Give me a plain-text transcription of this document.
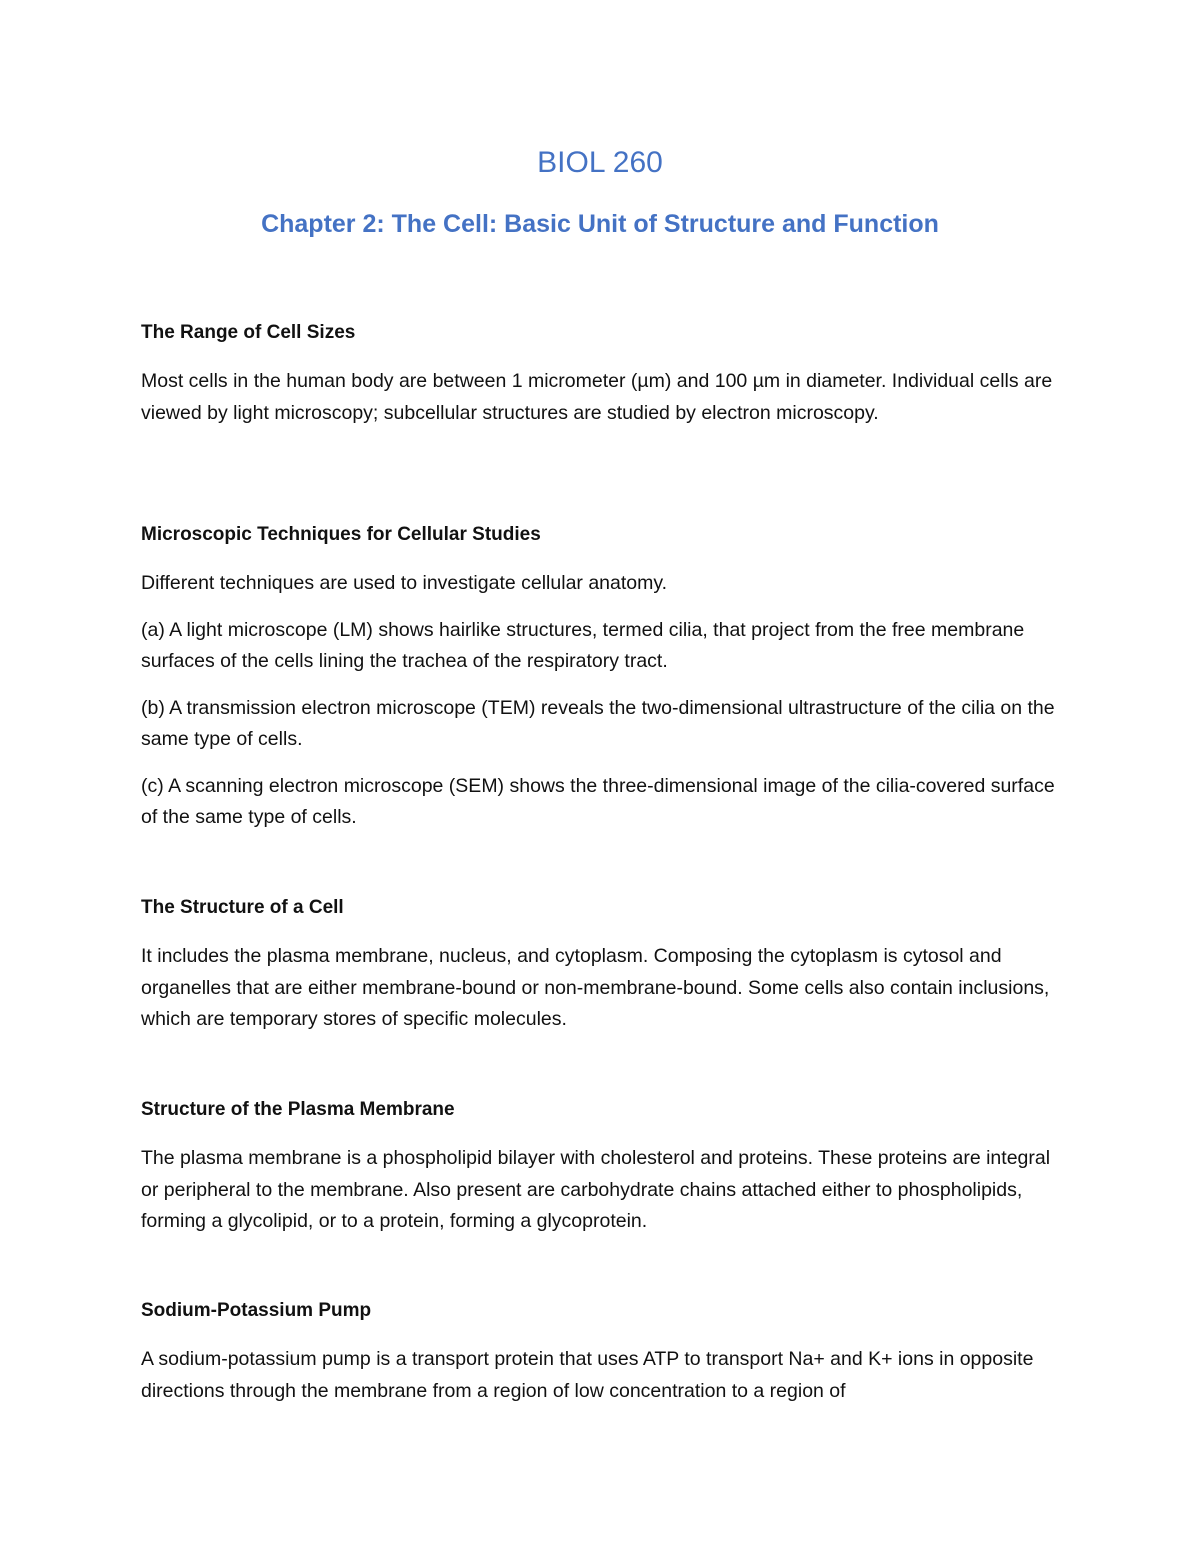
BIOL 260
Chapter 2: The Cell: Basic Unit of Structure and Function

The Range of Cell Sizes

Most cells in the human body are between 1 micrometer (µm) and 100 µm in diameter. Individual cells are viewed by light microscopy; subcellular structures are studied by electron microscopy.

Microscopic Techniques for Cellular Studies

Different techniques are used to investigate cellular anatomy.

(a) A light microscope (LM) shows hairlike structures, termed cilia, that project from the free membrane surfaces of the cells lining the trachea of the respiratory tract.

(b) A transmission electron microscope (TEM) reveals the two-dimensional ultrastructure of the cilia on the same type of cells.

(c) A scanning electron microscope (SEM) shows the three-dimensional image of the cilia-covered surface of the same type of cells.

The Structure of a Cell

It includes the plasma membrane, nucleus, and cytoplasm. Composing the cytoplasm is cytosol and organelles that are either membrane-bound or non-membrane-bound. Some cells also contain inclusions, which are temporary stores of specific molecules.

Structure of the Plasma Membrane

The plasma membrane is a phospholipid bilayer with cholesterol and proteins. These proteins are integral or peripheral to the membrane. Also present are carbohydrate chains attached either to phospholipids, forming a glycolipid, or to a protein, forming a glycoprotein.

Sodium-Potassium Pump

A sodium-potassium pump is a transport protein that uses ATP to transport Na+ and K+ ions in opposite directions through the membrane from a region of low concentration to a region of
